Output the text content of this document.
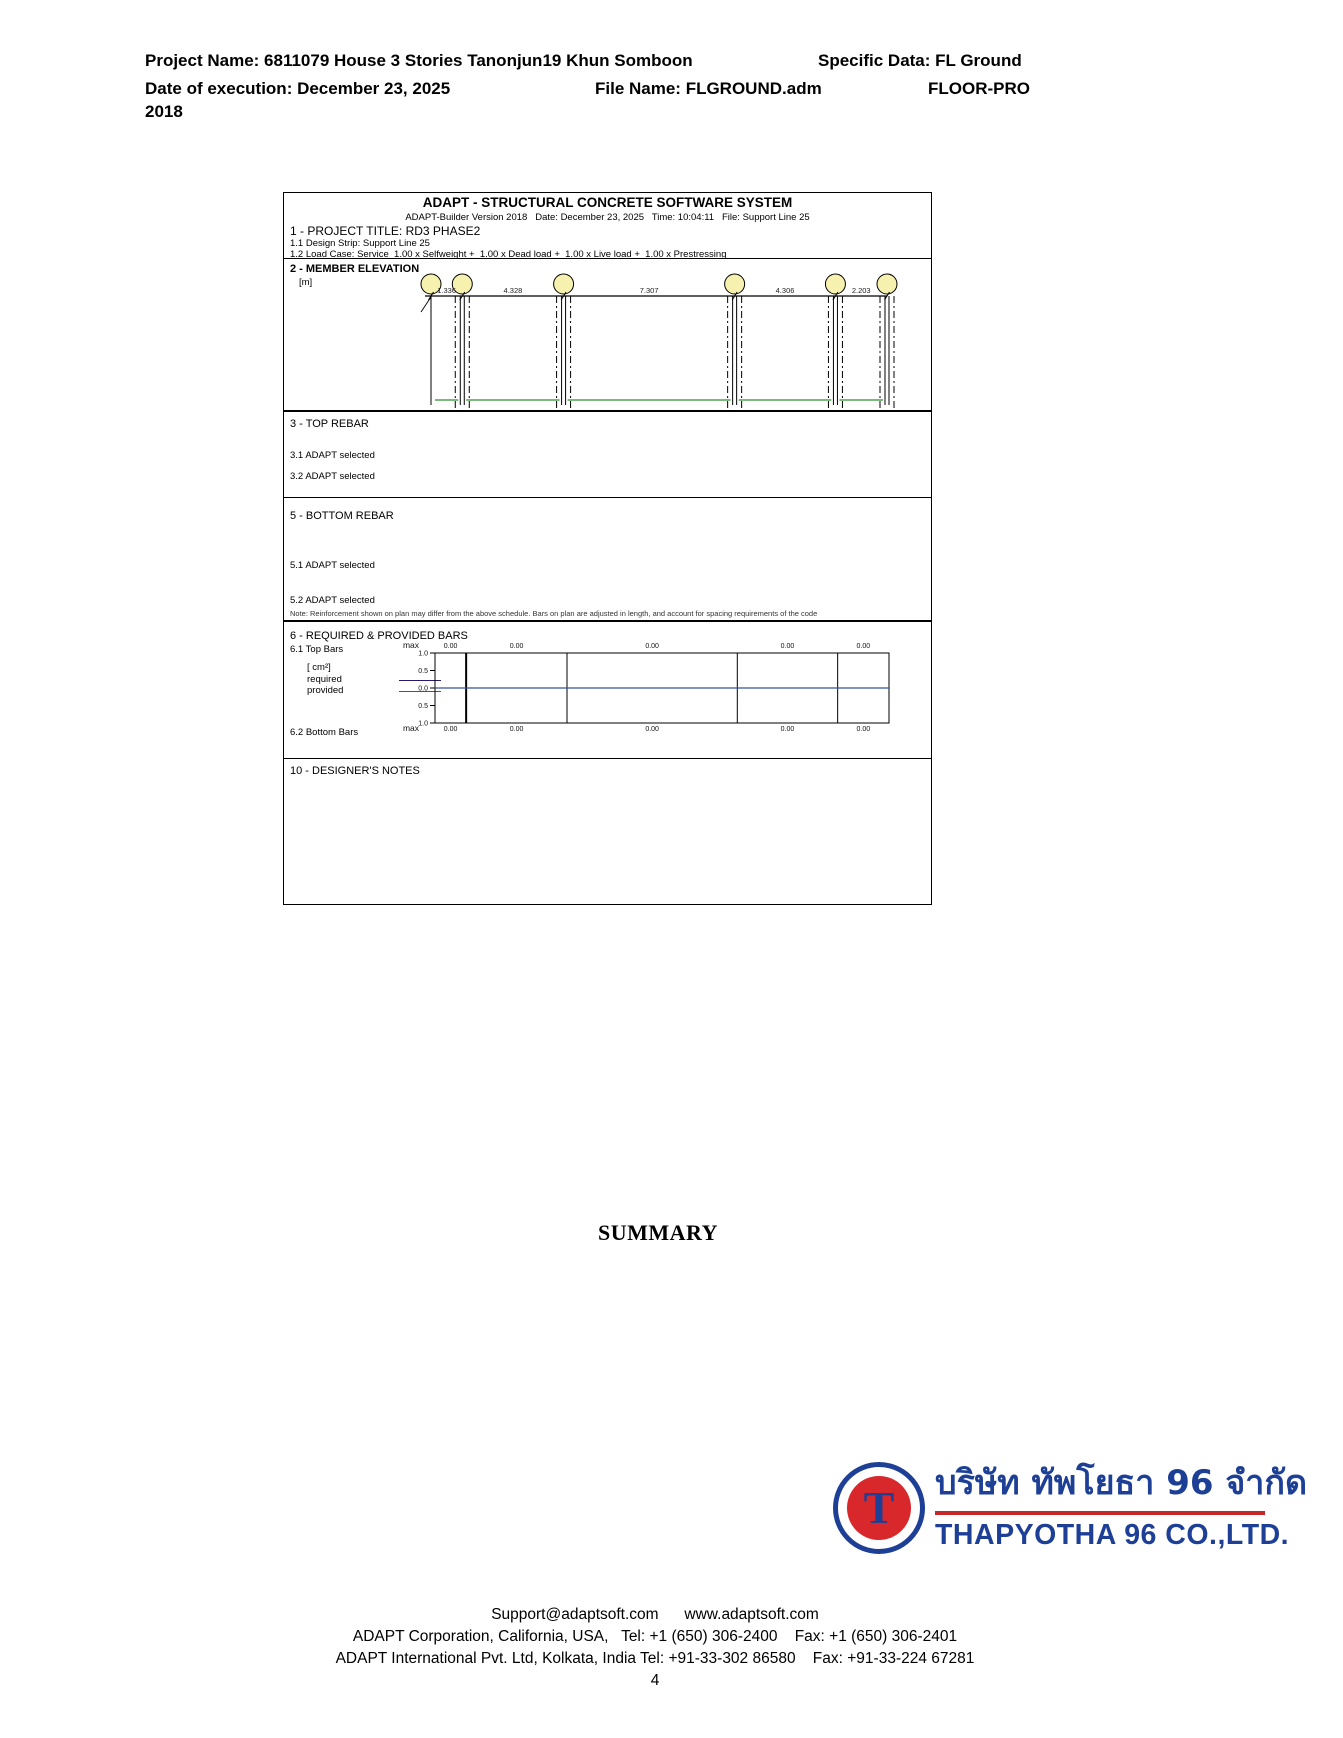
Project Name: 6811079 House 3 Stories Tanonjun19 Khun Somboon	Specific Data: FL Ground
Date of execution: December 23, 2025	File Name: FLGROUND.adm	FLOOR-PRO
2018
ADAPT - STRUCTURAL CONCRETE SOFTWARE SYSTEM
ADAPT-Builder Version 2018   Date: December 23, 2025   Time: 10:04:11   File: Support Line 25
1 - PROJECT TITLE: RD3 PHASE2
1.1 Design Strip: Support Line 25
1.2 Load Case: Service  1.00 x Selfweight +  1.00 x Dead load +  1.00 x Live load +  1.00 x Prestressing
2 - MEMBER ELEVATION
[m]
1.336	4.328	7.307	4.306	2.203
3 - TOP REBAR
3.1 ADAPT selected
3.2 ADAPT selected
5 - BOTTOM REBAR
5.1 ADAPT selected
5.2 ADAPT selected
Note: Reinforcement shown on plan may differ from the above schedule. Bars on plan are adjusted in length, and account for spacing requirements of the code
6 - REQUIRED & PROVIDED BARS
6.1 Top Bars
[ cm²]
required
provided
6.2 Bottom Bars
1.0
0.5
0.0
0.5
1.0
max
max
0.00
0.00
0.00
0.00
0.00
0.00
0.00
0.00
0.00
0.00
10 - DESIGNER'S NOTES
SUMMARY
T บริษัท ทัพโยธา 96 จำกัด
THAPYOTHA 96 CO.,LTD.
Support@adaptsoft.com      www.adaptsoft.com
ADAPT Corporation, California, USA,   Tel: +1 (650) 306-2400    Fax: +1 (650) 306-2401
ADAPT International Pvt. Ltd, Kolkata, India Tel: +91-33-302 86580    Fax: +91-33-224 67281
4
